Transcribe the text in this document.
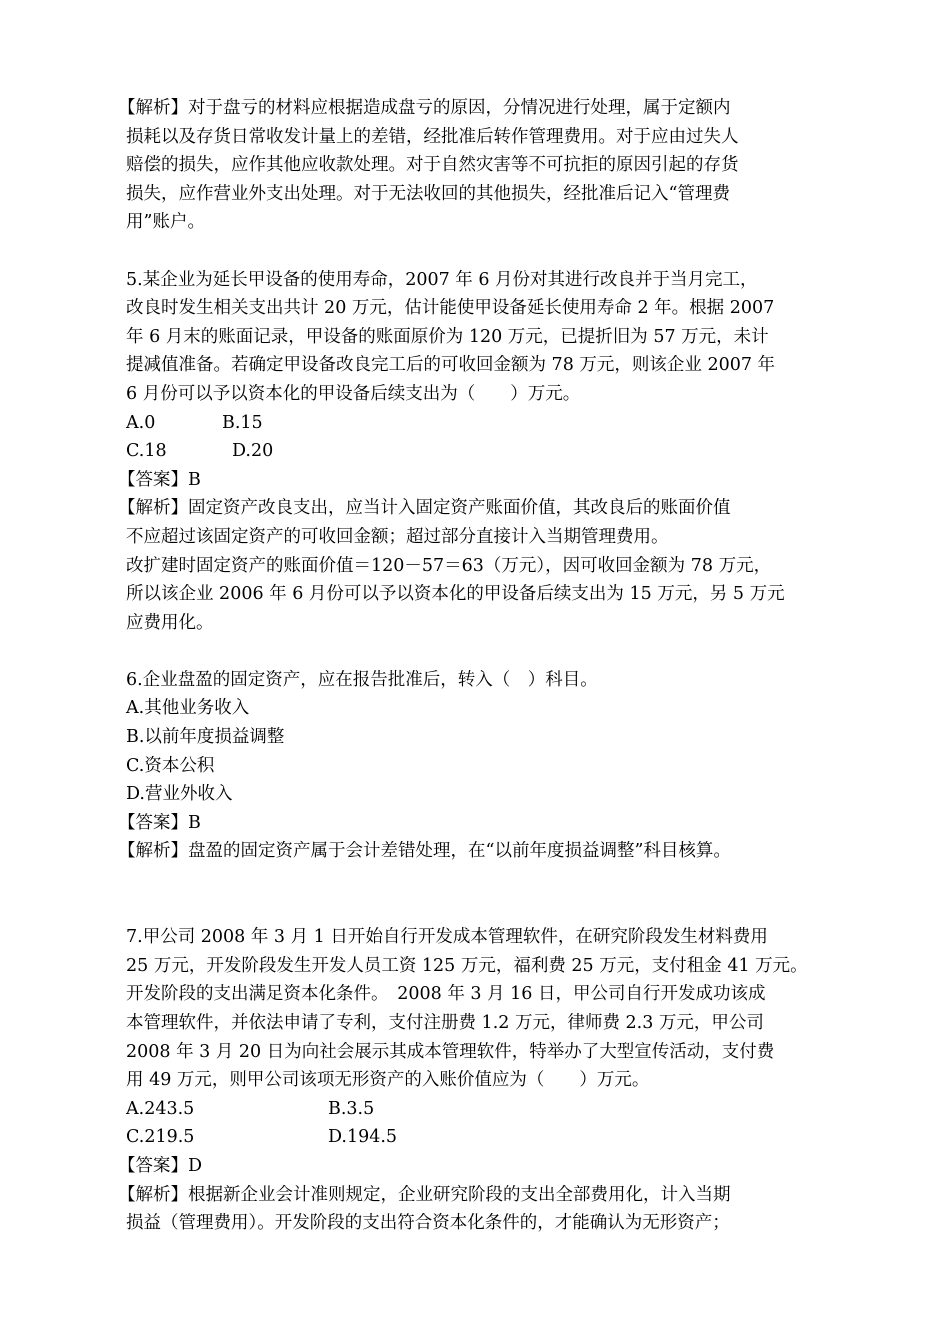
【解析】对于盘亏的材料应根据造成盘亏的原因，分情况进行处理，属于定额内
损耗以及存货日常收发计量上的差错，经批准后转作管理费用。对于应由过失人
赔偿的损失，应作其他应收款处理。对于自然灾害等不可抗拒的原因引起的存货
损失，应作营业外支出处理。对于无法收回的其他损失，经批准后记入“管理费
用”账户。
5.某企业为延长甲设备的使用寿命，2007 年 6 月份对其进行改良并于当月完工，
改良时发生相关支出共计 20 万元，估计能使甲设备延长使用寿命 2 年。根据 2007
年 6 月末的账面记录，甲设备的账面原价为 120 万元，已提折旧为 57 万元，未计
提减值准备。若确定甲设备改良完工后的可收回金额为 78 万元，则该企业 2007 年
6 月份可以予以资本化的甲设备后续支出为（　　）万元。
A.0	B.15
C.18	D.20
【答案】B
【解析】固定资产改良支出，应当计入固定资产账面价值，其改良后的账面价值
不应超过该固定资产的可收回金额；超过部分直接计入当期管理费用。
改扩建时固定资产的账面价值＝120－57＝63（万元），因可收回金额为 78 万元，
所以该企业 2006 年 6 月份可以予以资本化的甲设备后续支出为 15 万元，另 5 万元
应费用化。
6.企业盘盈的固定资产，应在报告批准后，转入（　）科目。
A.其他业务收入
B.以前年度损益调整
C.资本公积
D.营业外收入
【答案】B
【解析】盘盈的固定资产属于会计差错处理，在“以前年度损益调整”科目核算。
7.甲公司 2008 年 3 月 1 日开始自行开发成本管理软件，在研究阶段发生材料费用
25 万元，开发阶段发生开发人员工资 125 万元，福利费 25 万元，支付租金 41 万元。
开发阶段的支出满足资本化条件。　2008 年 3 月 16 日，甲公司自行开发成功该成
本管理软件，并依法申请了专利，支付注册费 1.2 万元，律师费 2.3 万元，甲公司
2008 年 3 月 20 日为向社会展示其成本管理软件，特举办了大型宣传活动，支付费
用 49 万元，则甲公司该项无形资产的入账价值应为（　　）万元。
A.243.5	B.3.5
C.219.5	D.194.5
【答案】D
【解析】根据新企业会计准则规定，企业研究阶段的支出全部费用化，计入当期
损益（管理费用）。开发阶段的支出符合资本化条件的，才能确认为无形资产；
